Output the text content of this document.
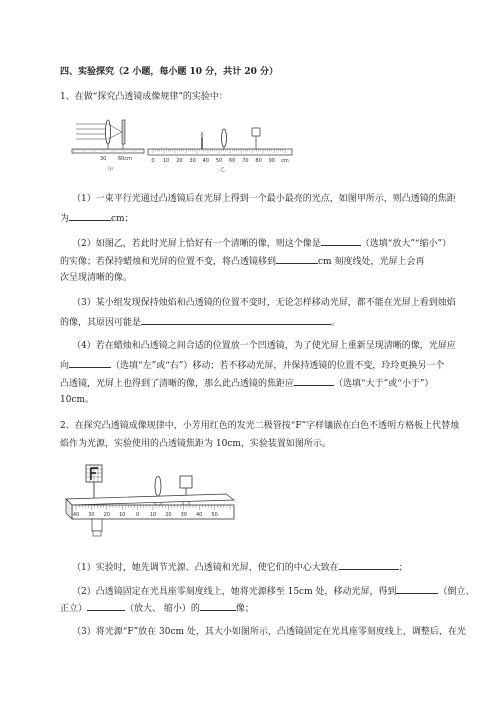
四、实验探究（2 小题，每小题 10 分，共计 20 分）
1、在做“探究凸透镜成像规律”的实验中：
30 60cm
甲
0 10 20 30 40 50 60 70 80 90 cm
乙
（1）一束平行光通过凸透镜后在光屏上得到一个最小最亮的光点，如图甲所示，则凸透镜的焦距
为	cm；
（2）如图乙，若此时光屏上恰好有一个清晰的像，则这个像是	（选填“放大”“缩小”）
的实像；若保持蜡烛和光屏的位置不变，将凸透镜移到	cm 刻度线处，光屏上会再
次呈现清晰的像。
（3）某小组发现保持烛焰和凸透镜的位置不变时，无论怎样移动光屏，都不能在光屏上看到烛焰
的像，其原因可能是	。
（4）若在蜡烛和凸透镜之间合适的位置放一个凹透镜，为了使光屏上重新呈现清晰的像，光屏应
向	（选填“左”或“右”）移动；若不移动光屏，并保持透镜的位置不变，玲玲更换另一个
凸透镜，光屏上也得到了清晰的像，那么此凸透镜的焦距应	（选填“大于”或“小于”）
10cm。
2、在探究凸透镜成像规律中，小芳用红色的发光二极管按“F”字样镶嵌在白色不透明方格板上代替烛
焰作为光源，实验使用的凸透镜焦距为 10cm，实验装置如图所示。
40 30 20 10 0 10 20 30 40 50
（1）实验时，她先调节光源、凸透镜和光屏，使它们的中心大致在	；
（2）凸透镜固定在光具座零刻度线上，她将光源移至 15cm 处，移动光屏，得到	（倒立、
正立）	（放大、 缩小）的	像；
（3）将光源“F”放在 30cm 处，其大小如图所示，凸透镜固定在光具座零刻度线上，调整后，在光
